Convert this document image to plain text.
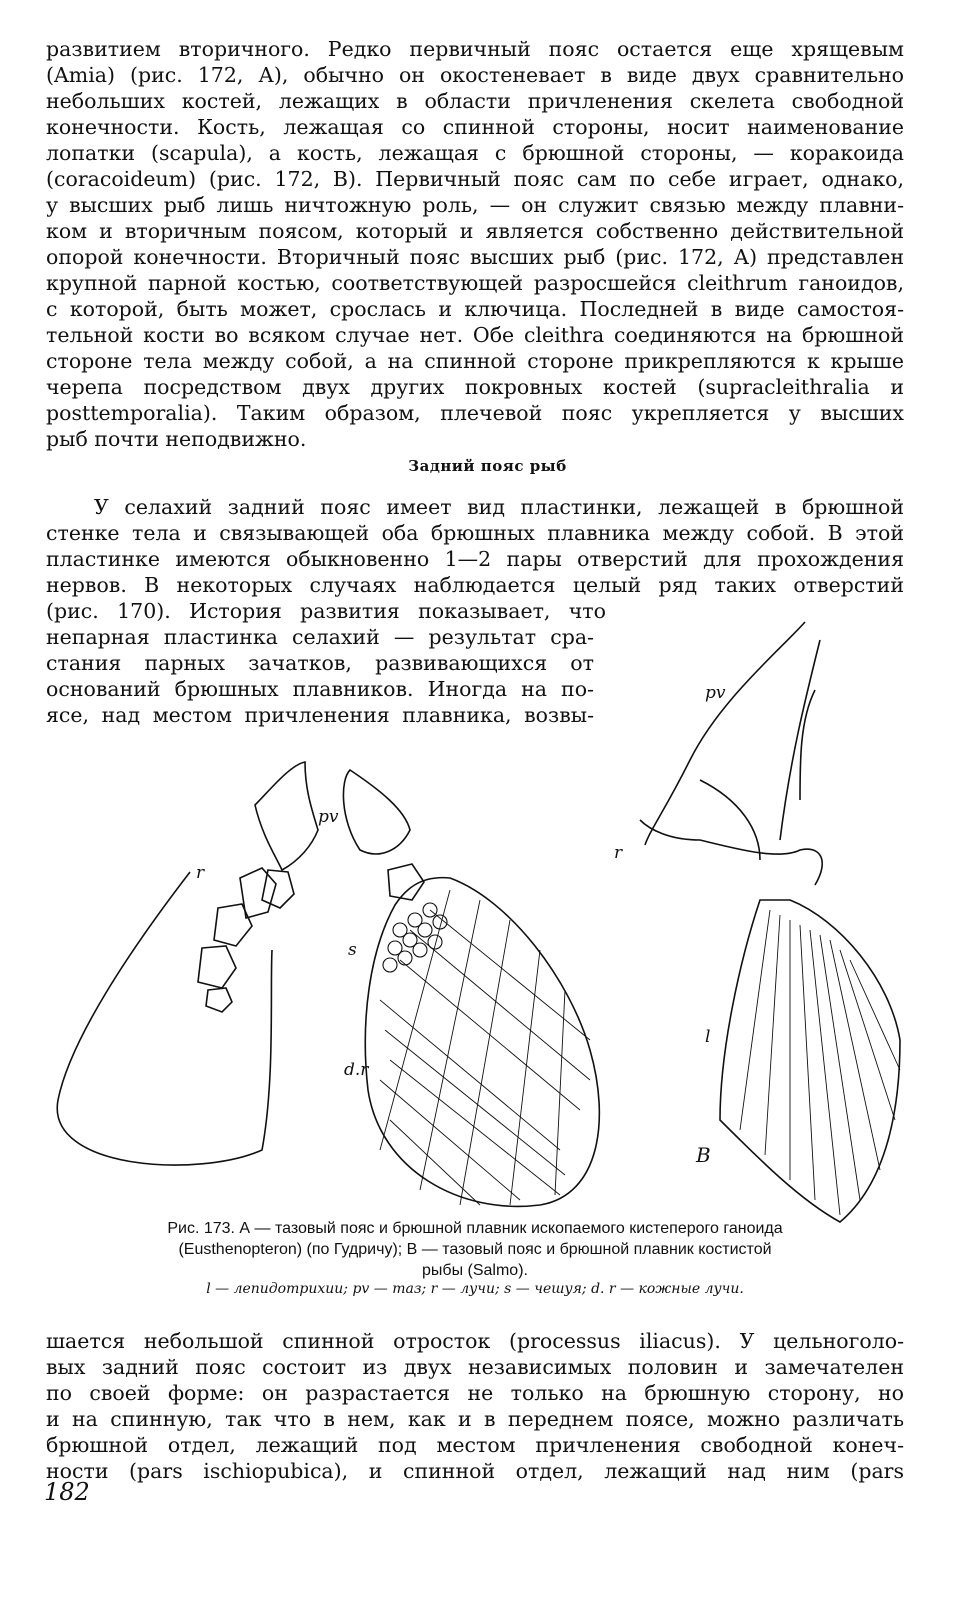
развитием вторичного. Редко первичный пояс остается еще хрящевым
(Amia) (рис. 172, А), обычно он окостеневает в виде двух сравнительно
небольших костей, лежащих в области причленения скелета свободной
конечности. Кость, лежащая со спинной стороны, носит наименование
лопатки (scapula), а кость, лежащая с брюшной стороны, — коракоида
(coracoideum) (рис. 172, В). Первичный пояс сам по себе играет, однако,
у высших рыб лишь ничтожную роль, — он служит связью между плавни-
ком и вторичным поясом, который и является собственно действительной
опорой конечности. Вторичный пояс высших рыб (рис. 172, А) представлен
крупной парной костью, соответствующей разросшейся cleithrum ганоидов,
с которой, быть может, срослась и ключица. Последней в виде самостоя-
тельной кости во всяком случае нет. Обе cleithra соединяются на брюшной
стороне тела между собой, а на спинной стороне прикрепляются к крыше
черепа посредством двух других покровных костей (supracleithralia и
posttemporalia). Таким образом, плечевой пояс укрепляется у высших
рыб почти неподвижно.
Задний пояс рыб
У селахий задний пояс имеет вид пластинки, лежащей в брюшной
стенке тела и связывающей оба брюшных плавника между собой. В этой
пластинке имеются обыкновенно 1—2 пары отверстий для прохождения
нервов. В некоторых случаях наблюдается целый ряд таких отверстий
(рис. 170). История развития показывает, что
непарная пластинка селахий — результат сра-
стания парных зачатков, развивающихся от
оснований брюшных плавников. Иногда на по-
ясе, над местом причленения плавника, возвы-
pv
r
s
d.r
pv
r
l
B
Рис. 173. А — тазовый пояс и брюшной плавник ископаемого кистеперого ганоида
(Eusthenopteron) (по Гудричу); В — тазовый пояс и брюшной плавник костистой
рыбы (Salmo).
l — лепидотрихии; pv — таз; r — лучи; s — чешуя; d. r — кожные лучи.
шается небольшой спинной отросток (processus iliacus). У цельноголо-
вых задний пояс состоит из двух независимых половин и замечателен
по своей форме: он разрастается не только на брюшную сторону, но
и на спинную, так что в нем, как и в переднем поясе, можно различать
брюшной отдел, лежащий под местом причленения свободной конеч-
ности (pars ischiopubica), и спинной отдел, лежащий над ним (pars
182
